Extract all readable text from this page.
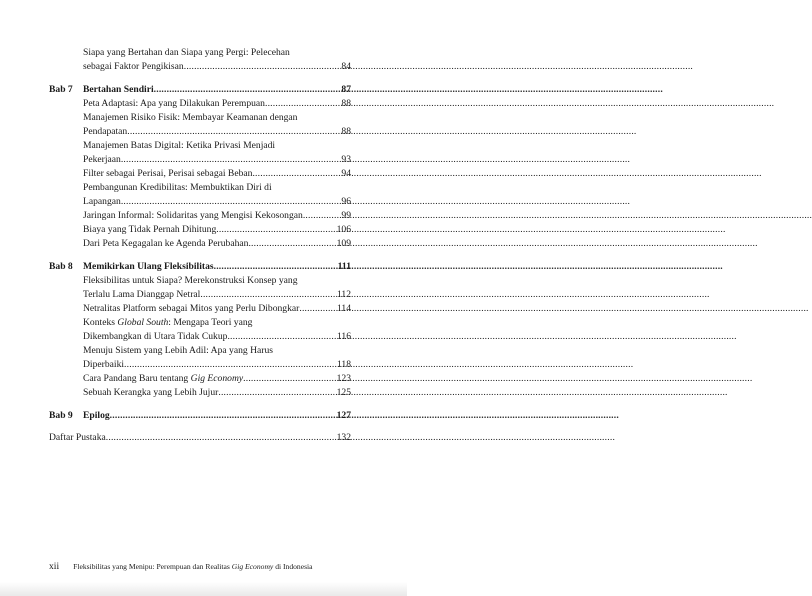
Siapa yang Bertahan dan Siapa yang Pergi: Pelecehan
sebagai Faktor Pengikisan .....	84
Bab 7	Bertahan Sendiri .....	87
Peta Adaptasi: Apa yang Dilakukan Perempuan .....	88
Manajemen Risiko Fisik: Membayar Keamanan dengan
Pendapatan .....	88
Manajemen Batas Digital: Ketika Privasi Menjadi
Pekerjaan .....	93
Filter sebagai Perisai, Perisai sebagai Beban .....	94
Pembangunan Kredibilitas: Membuktikan Diri di
Lapangan .....	96
Jaringan Informal: Solidaritas yang Mengisi Kekosongan .....	99
Biaya yang Tidak Pernah Dihitung .....	106
Dari Peta Kegagalan ke Agenda Perubahan .....	109
Bab 8	Memikirkan Ulang Fleksibilitas .....	111
Fleksibilitas untuk Siapa? Merekonstruksi Konsep yang
Terlalu Lama Dianggap Netral .....	112
Netralitas Platform sebagai Mitos yang Perlu Dibongkar .....	114
Konteks Global South: Mengapa Teori yang
Dikembangkan di Utara Tidak Cukup .....	116
Menuju Sistem yang Lebih Adil: Apa yang Harus
Diperbaiki .....	118
Cara Pandang Baru tentang Gig Economy .....	123
Sebuah Kerangka yang Lebih Jujur .....	125
Bab 9	Epilog .....	127
Daftar Pustaka .....	132
xii Fleksibilitas yang Menipu: Perempuan dan Realitas Gig Economy di Indonesia
